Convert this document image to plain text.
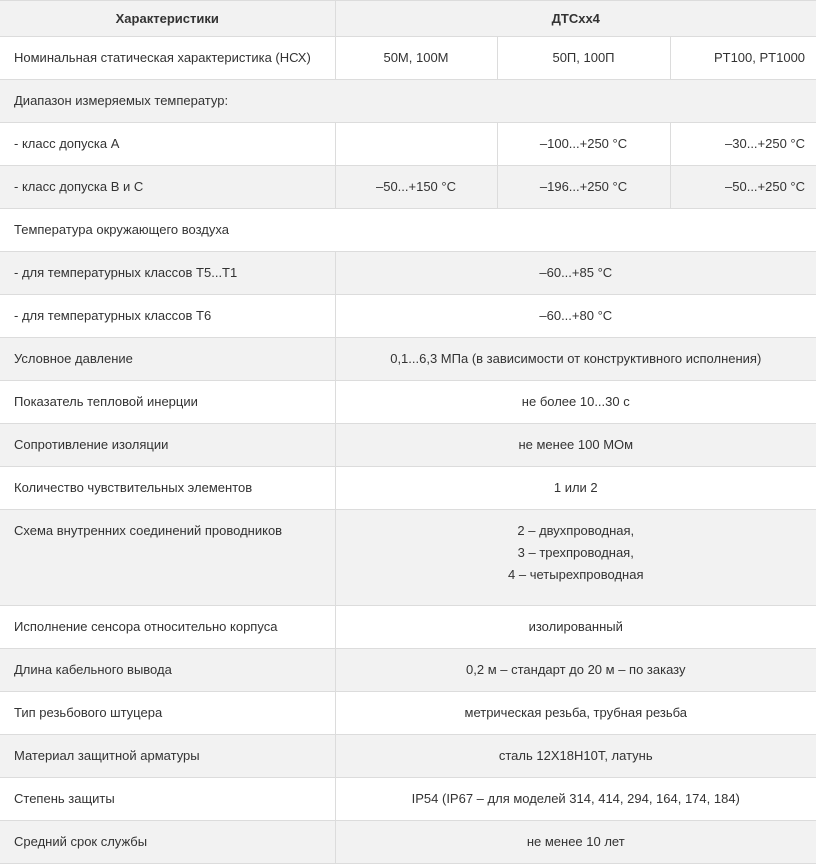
Характеристики	ДТСxx4		
Номинальная статическая характеристика (НСХ)	50М, 100М	50П, 100П	PT100, PT1000
Диапазон измеряемых температур:			
- класс допуска А		–100...+250 °С	–30...+250 °С
- класс допуска В и С	–50...+150 °С	–196...+250 °С	–50...+250 °С
Температура окружающего воздуха			
- для температурных классов Т5...Т1	–60...+85 °С		
- для температурных классов Т6	–60...+80 °С		
Условное давление	0,1...6,3 МПа (в зависимости от конструктивного исполнения)		
Показатель тепловой инерции	не более 10...30 с		
Сопротивление изоляции	не менее 100 МОм		
Количество чувствительных элементов	1 или 2		
Схема внутренних соединений проводников	2 – двухпроводная,
3 – трехпроводная,
4 – четырехпроводная		

Исполнение сенсора относительно корпуса	изолированный		
Длина кабельного вывода	0,2 м – стандарт до 20 м – по заказу		
Тип резьбового штуцера	метрическая резьба, трубная резьба		
Материал защитной арматуры	сталь 12Х18Н10Т, латунь		
Степень защиты	IP54 (IP67 – для моделей 314, 414, 294, 164, 174, 184)		
Средний срок службы	не менее 10 лет		
